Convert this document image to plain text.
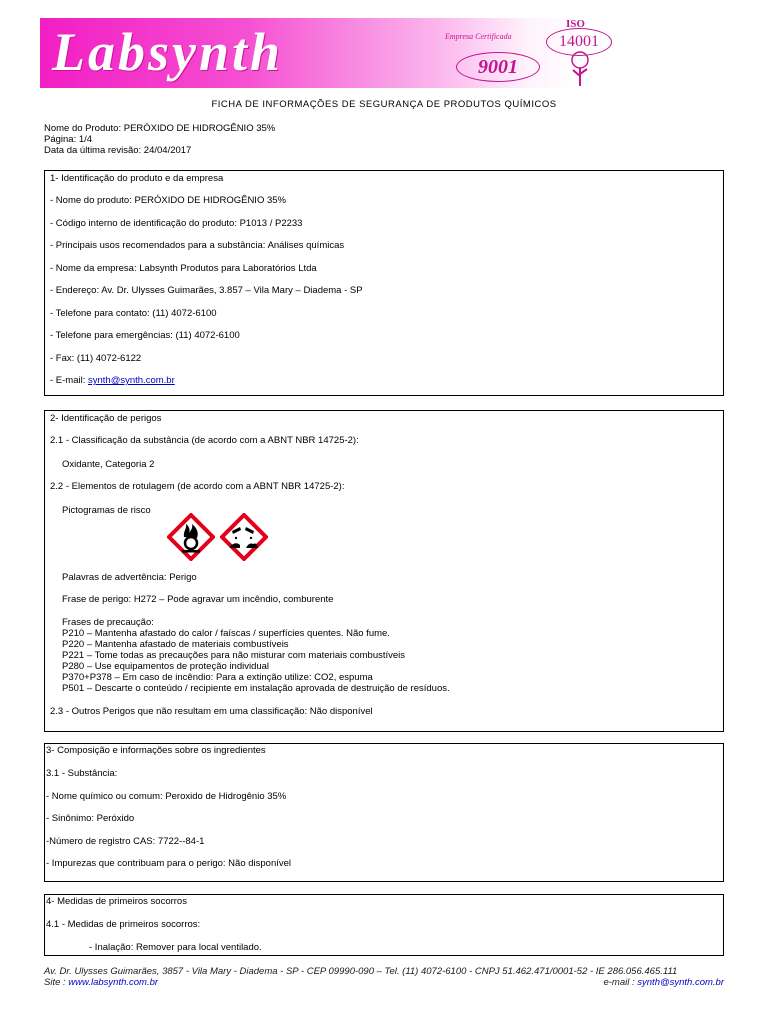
Labsynth	Empresa Certificada
9001
ISO
14001
FICHA DE INFORMAÇÕES DE SEGURANÇA DE PRODUTOS QUÍMICOS
Nome do Produto: PERÓXIDO DE HIDROGÊNIO 35%
Página: 1/4
Data da última revisão: 24/04/2017
1- Identificação do produto e da empresa
- Nome do produto: PERÓXIDO DE HIDROGÊNIO 35%
- Código interno de identificação do produto: P1013 / P2233
- Principais usos recomendados para a substância: Análises químicas
- Nome da empresa: Labsynth Produtos para Laboratórios Ltda
- Endereço: Av. Dr. Ulysses Guimarães, 3.857 – Vila Mary – Diadema - SP
- Telefone para contato: (11) 4072-6100
- Telefone para emergências: (11) 4072-6100
- Fax: (11) 4072-6122
- E-mail: synth@synth.com.br
2- Identificação de perigos
2.1 - Classificação da substância (de acordo com a ABNT NBR 14725-2):
Oxidante, Categoria 2
2.2 - Elementos de rotulagem (de acordo com a ABNT NBR 14725-2):
Pictogramas de risco
Palavras de advertência: Perigo
Frase de perigo: H272 – Pode agravar um incêndio, comburente
Frases de precaução:
P210 – Mantenha afastado do calor / faíscas / superfícies quentes. Não fume.
P220 – Mantenha afastado de materiais combustíveis
P221 – Tome todas as precauções para não misturar com materiais combustíveis
P280 – Use equipamentos de proteção individual
P370+P378 – Em caso de incêndio: Para a extinção utilize: CO2, espuma
P501 – Descarte o conteúdo / recipiente em instalação aprovada de destruição de resíduos.
2.3 - Outros Perigos que não resultam em uma classificação: Não disponível
3- Composição e informações sobre os ingredientes
3.1 - Substância:
- Nome químico ou comum: Peroxido de Hidrogênio 35%
- Sinônimo: Peróxido
-Número de registro CAS: 7722--84-1
- Impurezas que contribuam para o perigo: Não disponível
4- Medidas de primeiros socorros
4.1 - Medidas de primeiros socorros:
- Inalação: Remover para local ventilado.
Av. Dr. Ulysses Guimarães, 3857 - Vila Mary - Diadema - SP - CEP 09990-090 – Tel. (11) 4072-6100 - CNPJ 51.462.471/0001-52 - IE 286.056.465.111
Site : www.labsynth.com.br	e-mail : synth@synth.com.br
